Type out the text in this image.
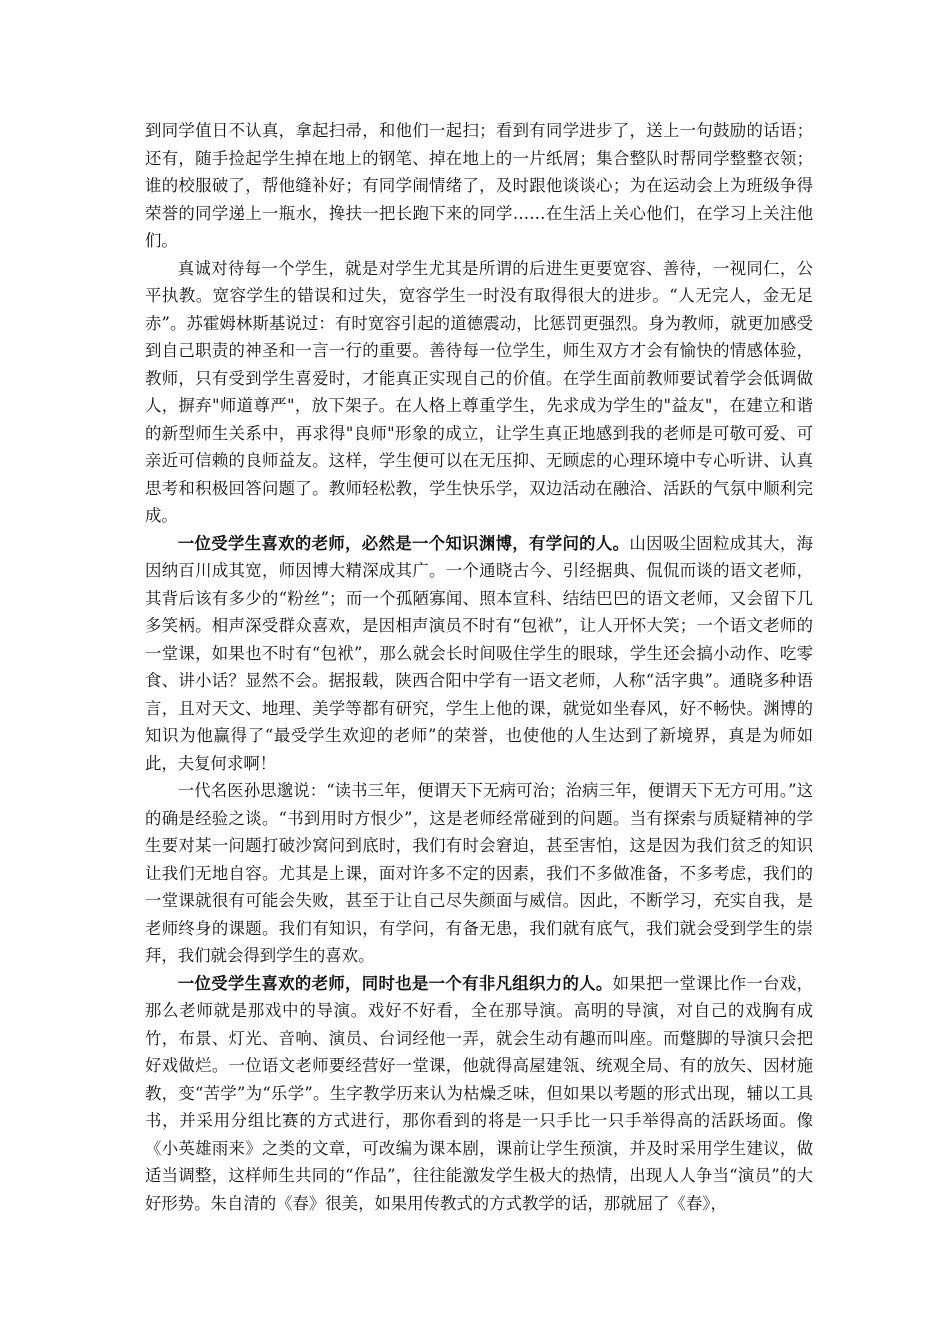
到同学值日不认真，拿起扫帚，和他们一起扫；看到有同学进步了，送上一句鼓励的话语；还有，随手捡起学生掉在地上的钢笔、掉在地上的一片纸屑；集合整队时帮同学整整衣领；谁的校服破了，帮他缝补好；有同学闹情绪了，及时跟他谈谈心；为在运动会上为班级争得荣誉的同学递上一瓶水，搀扶一把长跑下来的同学……在生活上关心他们，在学习上关注他们。

真诚对待每一个学生，就是对学生尤其是所谓的后进生更要宽容、善待，一视同仁，公平执教。宽容学生的错误和过失，宽容学生一时没有取得很大的进步。“人无完人，金无足赤”。苏霍姆林斯基说过：有时宽容引起的道德震动，比惩罚更强烈。身为教师，就更加感受到自己职责的神圣和一言一行的重要。善待每一位学生，师生双方才会有愉快的情感体验，教师，只有受到学生喜爱时，才能真正实现自己的价值。在学生面前教师要试着学会低调做人，摒弃"师道尊严"，放下架子。在人格上尊重学生，先求成为学生的"益友"，在建立和谐的新型师生关系中，再求得"良师"形象的成立，让学生真正地感到我的老师是可敬可爱、可亲近可信赖的良师益友。这样，学生便可以在无压抑、无顾虑的心理环境中专心听讲、认真思考和积极回答问题了。教师轻松教，学生快乐学，双边活动在融洽、活跃的气氛中顺利完成。

一位受学生喜欢的老师，必然是一个知识渊博，有学问的人。山因吸尘固粒成其大，海因纳百川成其宽，师因博大精深成其广。一个通晓古今、引经据典、侃侃而谈的语文老师，其背后该有多少的“粉丝”；而一个孤陋寡闻、照本宣科、结结巴巴的语文老师，又会留下几多笑柄。相声深受群众喜欢，是因相声演员不时有“包袱”，让人开怀大笑；一个语文老师的一堂课，如果也不时有“包袱”，那么就会长时间吸住学生的眼球，学生还会搞小动作、吃零食、讲小话？显然不会。据报载，陕西合阳中学有一语文老师，人称“活字典”。通晓多种语言，且对天文、地理、美学等都有研究，学生上他的课，就觉如坐春风，好不畅快。渊博的知识为他赢得了“最受学生欢迎的老师”的荣誉，也使他的人生达到了新境界，真是为师如此，夫复何求啊！

一代名医孙思邈说：“读书三年，便谓天下无病可治；治病三年，便谓天下无方可用。”这的确是经验之谈。“书到用时方恨少”，这是老师经常碰到的问题。当有探索与质疑精神的学生要对某一问题打破沙窝问到底时，我们有时会窘迫，甚至害怕，这是因为我们贫乏的知识让我们无地自容。尤其是上课，面对许多不定的因素，我们不多做准备，不多考虑，我们的一堂课就很有可能会失败，甚至于让自己尽失颜面与威信。因此，不断学习，充实自我，是老师终身的课题。我们有知识，有学问，有备无患，我们就有底气，我们就会受到学生的崇拜，我们就会得到学生的喜欢。

一位受学生喜欢的老师，同时也是一个有非凡组织力的人。如果把一堂课比作一台戏，那么老师就是那戏中的导演。戏好不好看，全在那导演。高明的导演，对自己的戏胸有成竹，布景、灯光、音响、演员、台词经他一弄，就会生动有趣而叫座。而蹩脚的导演只会把好戏做烂。一位语文老师要经营好一堂课，他就得高屋建瓴、统观全局、有的放矢、因材施教，变“苦学”为“乐学”。生字教学历来认为枯燥乏味，但如果以考题的形式出现，辅以工具书，并采用分组比赛的方式进行，那你看到的将是一只手比一只手举得高的活跃场面。像《小英雄雨来》之类的文章，可改编为课本剧，课前让学生预演，并及时采用学生建议，做适当调整，这样师生共同的“作品”，往往能激发学生极大的热情，出现人人争当“演员”的大好形势。朱自清的《春》很美，如果用传教式的方式教学的话，那就屈了《春》，
